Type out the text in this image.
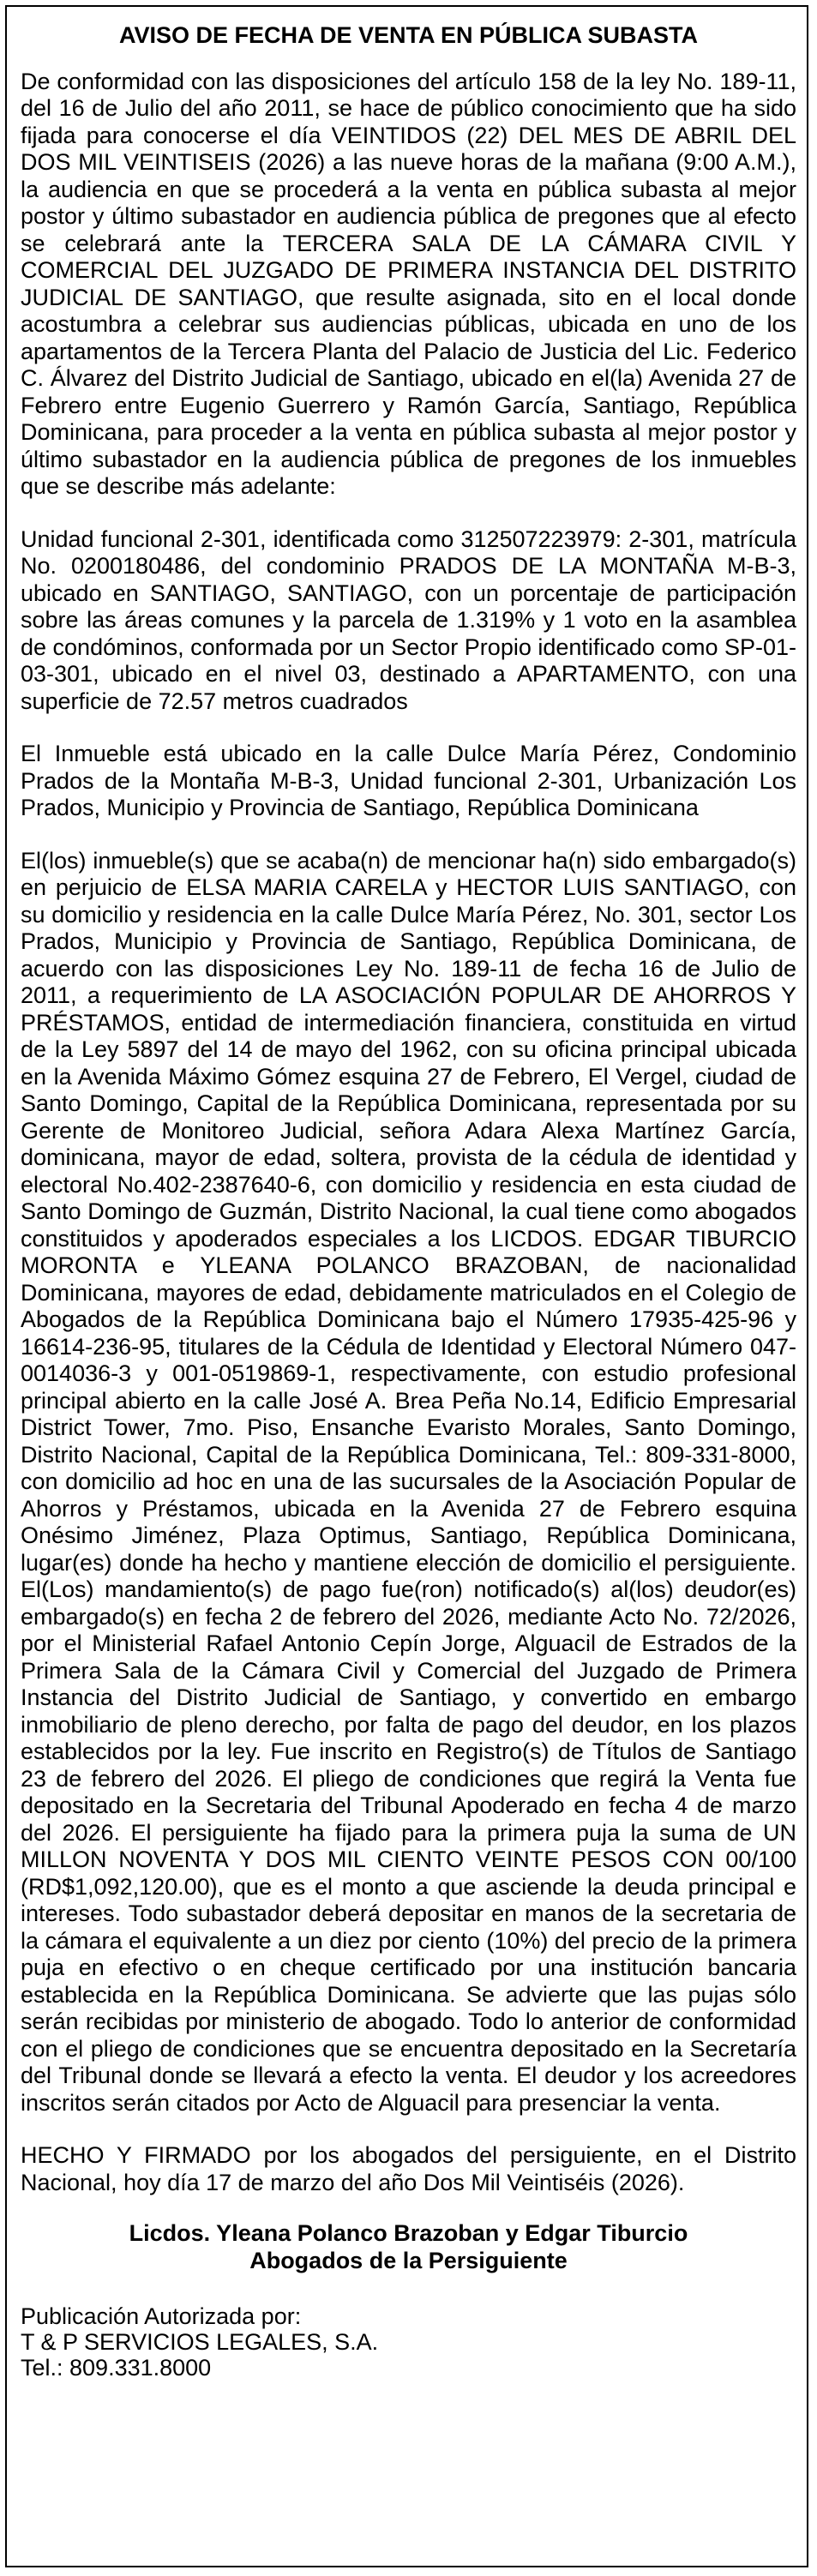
AVISO DE FECHA DE VENTA EN PÚBLICA SUBASTA

De conformidad con las disposiciones del artículo 158 de la ley No. 189-11, del 16 de Julio del año 2011, se hace de público conocimiento que ha sido fijada para conocerse el día VEINTIDOS (22) DEL MES DE ABRIL DEL DOS MIL VEINTISEIS (2026) a las nueve horas de la mañana (9:00 A.M.), la audiencia en que se procederá a la venta en pública subasta al mejor postor y último subastador en audiencia pública de pregones que al efecto se celebrará ante la TERCERA SALA DE LA CÁMARA CIVIL Y COMERCIAL DEL JUZGADO DE PRIMERA INSTANCIA DEL DISTRITO JUDICIAL DE SANTIAGO, que resulte asignada, sito en el local donde acostumbra a celebrar sus audiencias públicas, ubicada en uno de los apartamentos de la Tercera Planta del Palacio de Justicia del Lic. Federico C. Álvarez del Distrito Judicial de Santiago, ubicado en el(la) Avenida 27 de Febrero entre Eugenio Guerrero y Ramón García, Santiago, República Dominicana, para proceder a la venta en pública subasta al mejor postor y último subastador en la audiencia pública de pregones de los inmuebles que se describe más adelante:

Unidad funcional 2-301, identificada como 312507223979: 2-301, matrícula No. 0200180486, del condominio PRADOS DE LA MONTAÑA M-B-3, ubicado en SANTIAGO, SANTIAGO, con un porcentaje de participación sobre las áreas comunes y la parcela de 1.319% y 1 voto en la asamblea de condóminos, conformada por un Sector Propio identificado como SP-01-03-301, ubicado en el nivel 03, destinado a APARTAMENTO, con una superficie de 72.57 metros cuadrados

El Inmueble está ubicado en la calle Dulce María Pérez, Condominio Prados de la Montaña M-B-3, Unidad funcional 2-301, Urbanización Los Prados, Municipio y Provincia de Santiago, República Dominicana

El(los) inmueble(s) que se acaba(n) de mencionar ha(n) sido embargado(s) en perjuicio de ELSA MARIA CARELA y HECTOR LUIS SANTIAGO, con su domicilio y residencia en la calle Dulce María Pérez, No. 301, sector Los Prados, Municipio y Provincia de Santiago, República Dominicana, de acuerdo con las disposiciones Ley No. 189-11 de fecha 16 de Julio de 2011, a requerimiento de LA ASOCIACIÓN POPULAR DE AHORROS Y PRÉSTAMOS, entidad de intermediación financiera, constituida en virtud de la Ley 5897 del 14 de mayo del 1962, con su oficina principal ubicada en la Avenida Máximo Gómez esquina 27 de Febrero, El Vergel, ciudad de Santo Domingo, Capital de la República Dominicana, representada por su Gerente de Monitoreo Judicial, señora Adara Alexa Martínez García, dominicana, mayor de edad, soltera, provista de la cédula de identidad y electoral No.402-2387640-6, con domicilio y residencia en esta ciudad de Santo Domingo de Guzmán, Distrito Nacional, la cual tiene como abogados constituidos y apoderados especiales a los LICDOS. EDGAR TIBURCIO MORONTA e YLEANA POLANCO BRAZOBAN, de nacionalidad Dominicana, mayores de edad, debidamente matriculados en el Colegio de Abogados de la República Dominicana bajo el Número 17935-425-96 y 16614-236-95, titulares de la Cédula de Identidad y Electoral Número 047-0014036-3 y 001-0519869-1, respectivamente, con estudio profesional principal abierto en la calle José A. Brea Peña No.14, Edificio Empresarial District Tower, 7mo. Piso, Ensanche Evaristo Morales, Santo Domingo, Distrito Nacional, Capital de la República Dominicana, Tel.: 809-331-8000, con domicilio ad hoc en una de las sucursales de la Asociación Popular de Ahorros y Préstamos, ubicada en la Avenida 27 de Febrero esquina Onésimo Jiménez, Plaza Optimus, Santiago, República Dominicana, lugar(es) donde ha hecho y mantiene elección de domicilio el persiguiente. El(Los) mandamiento(s) de pago fue(ron) notificado(s) al(los) deudor(es) embargado(s) en fecha 2 de febrero del 2026, mediante Acto No. 72/2026, por el Ministerial Rafael Antonio Cepín Jorge, Alguacil de Estrados de la Primera Sala de la Cámara Civil y Comercial del Juzgado de Primera Instancia del Distrito Judicial de Santiago, y convertido en embargo inmobiliario de pleno derecho, por falta de pago del deudor, en los plazos establecidos por la ley. Fue inscrito en Registro(s) de Títulos de Santiago 23 de febrero del 2026. El pliego de condiciones que regirá la Venta fue depositado en la Secretaria del Tribunal Apoderado en fecha 4 de marzo del 2026. El persiguiente ha fijado para la primera puja la suma de UN MILLON NOVENTA Y DOS MIL CIENTO VEINTE PESOS CON 00/100 (RD$1,092,120.00), que es el monto a que asciende la deuda principal e intereses. Todo subastador deberá depositar en manos de la secretaria de la cámara el equivalente a un diez por ciento (10%) del precio de la primera puja en efectivo o en cheque certificado por una institución bancaria establecida en la República Dominicana. Se advierte que las pujas sólo serán recibidas por ministerio de abogado. Todo lo anterior de conformidad con el pliego de condiciones que se encuentra depositado en la Secretaría del Tribunal donde se llevará a efecto la venta. El deudor y los acreedores inscritos serán citados por Acto de Alguacil para presenciar la venta.

HECHO Y FIRMADO por los abogados del persiguiente, en el Distrito Nacional, hoy día 17 de marzo del año Dos Mil Veintiséis (2026).

Licdos. Yleana Polanco Brazoban y Edgar Tiburcio
Abogados de la Persiguiente
Publicación Autorizada por:
T & P SERVICIOS LEGALES, S.A.
Tel.: 809.331.8000
